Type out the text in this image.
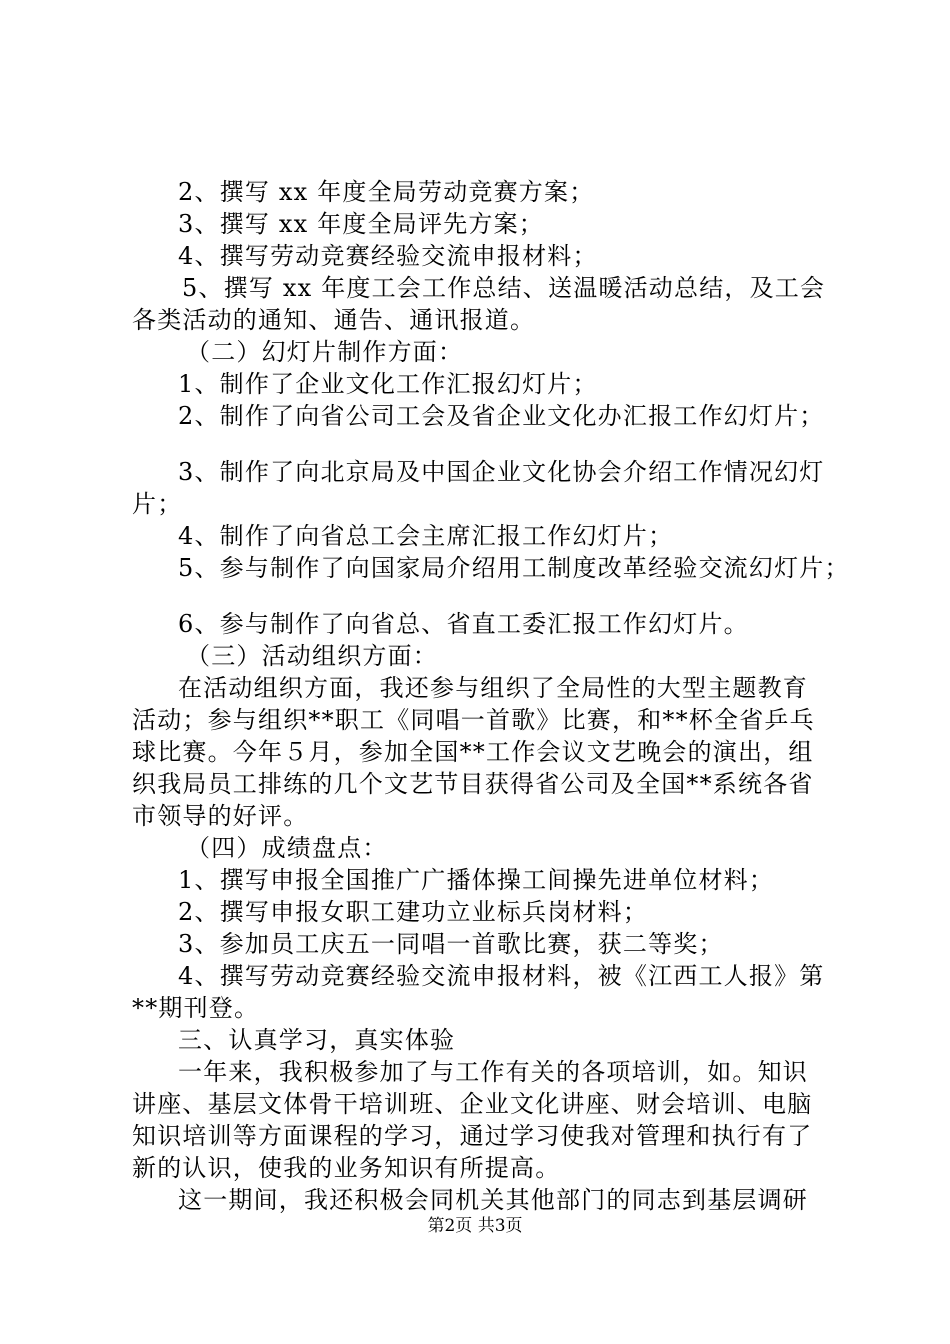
2、撰写 xx 年度全局劳动竞赛方案；
3、撰写 xx 年度全局评先方案；
4、撰写劳动竞赛经验交流申报材料；
5、撰写 xx 年度工会工作总结、送温暖活动总结，及工会
各类活动的通知、通告、通讯报道。
（二）幻灯片制作方面：
1、制作了企业文化工作汇报幻灯片；
2、制作了向省公司工会及省企业文化办汇报工作幻灯片；
3、制作了向北京局及中国企业文化协会介绍工作情况幻灯
片；
4、制作了向省总工会主席汇报工作幻灯片；
5、参与制作了向国家局介绍用工制度改革经验交流幻灯片；
6、参与制作了向省总、省直工委汇报工作幻灯片。
（三）活动组织方面：
在活动组织方面，我还参与组织了全局性的大型主题教育
活动；参与组织**职工《同唱一首歌》比赛，和**杯全省乒乓
球比赛。今年５月，参加全国**工作会议文艺晚会的演出，组
织我局员工排练的几个文艺节目获得省公司及全国**系统各省
市领导的好评。
（四）成绩盘点：
1、撰写申报全国推广广播体操工间操先进单位材料；
2、撰写申报女职工建功立业标兵岗材料；
3、参加员工庆五一同唱一首歌比赛，获二等奖；
4、撰写劳动竞赛经验交流申报材料，被《江西工人报》第
**期刊登。
三、认真学习，真实体验
一年来，我积极参加了与工作有关的各项培训，如。知识
讲座、基层文体骨干培训班、企业文化讲座、财会培训、电脑
知识培训等方面课程的学习，通过学习使我对管理和执行有了
新的认识，使我的业务知识有所提高。
这一期间，我还积极会同机关其他部门的同志到基层调研
第2页 共3页
